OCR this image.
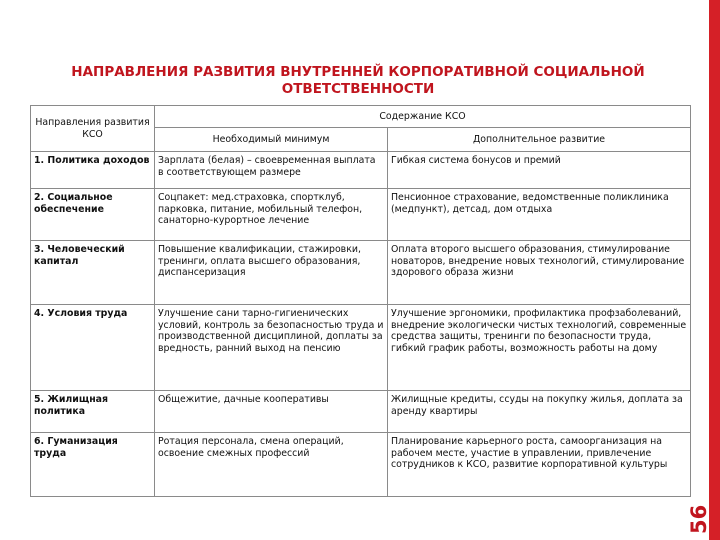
НАПРАВЛЕНИЯ РАЗВИТИЯ ВНУТРЕННЕЙ КОРПОРАТИВНОЙ СОЦИАЛЬНОЙ ОТВЕТСТВЕННОСТИ
Направления развития КСО	Содержание КСО	
	Необходимый минимум	Дополнительное развитие
1. Политика доходов	Зарплата (белая) – своевременная выплата в соответствующем размере	Гибкая система бонусов и премий
2. Социальное обеспечение	Соцпакет: мед.страховка, спортклуб, парковка, питание, мобильный телефон, санаторно-курортное лечение	Пенсионное страхование, ведомственные поликлиника (медпункт), детсад, дом отдыха
3. Человеческий капитал	Повышение квалификации, стажировки, тренинги, оплата высшего образования, диспансеризация	Оплата второго высшего образования, стимулирование новаторов, внедрение новых технологий, стимулирование здорового образа жизни
4. Условия труда	Улучшение сани тарно-гигиенических условий, контроль за безопасностью труда и производственной дисциплиной, доплаты за вредность, ранний выход на пенсию	Улучшение эргономики, профилактика профзаболеваний, внедрение экологически чистых технологий, современные средства защиты, тренинги по безопасности труда, гибкий график работы, возможность работы на дому
5. Жилищная политика	Общежитие, дачные кооперативы	Жилищные кредиты, ссуды на покупку жилья, доплата за аренду квартиры
6. Гуманизация труда	Ротация персонала, смена операций, освоение смежных профессий	Планирование карьерного роста, самоорганизация на рабочем месте, участие в управлении, привлечение сотрудников к КСО, развитие корпоративной культуры
56
